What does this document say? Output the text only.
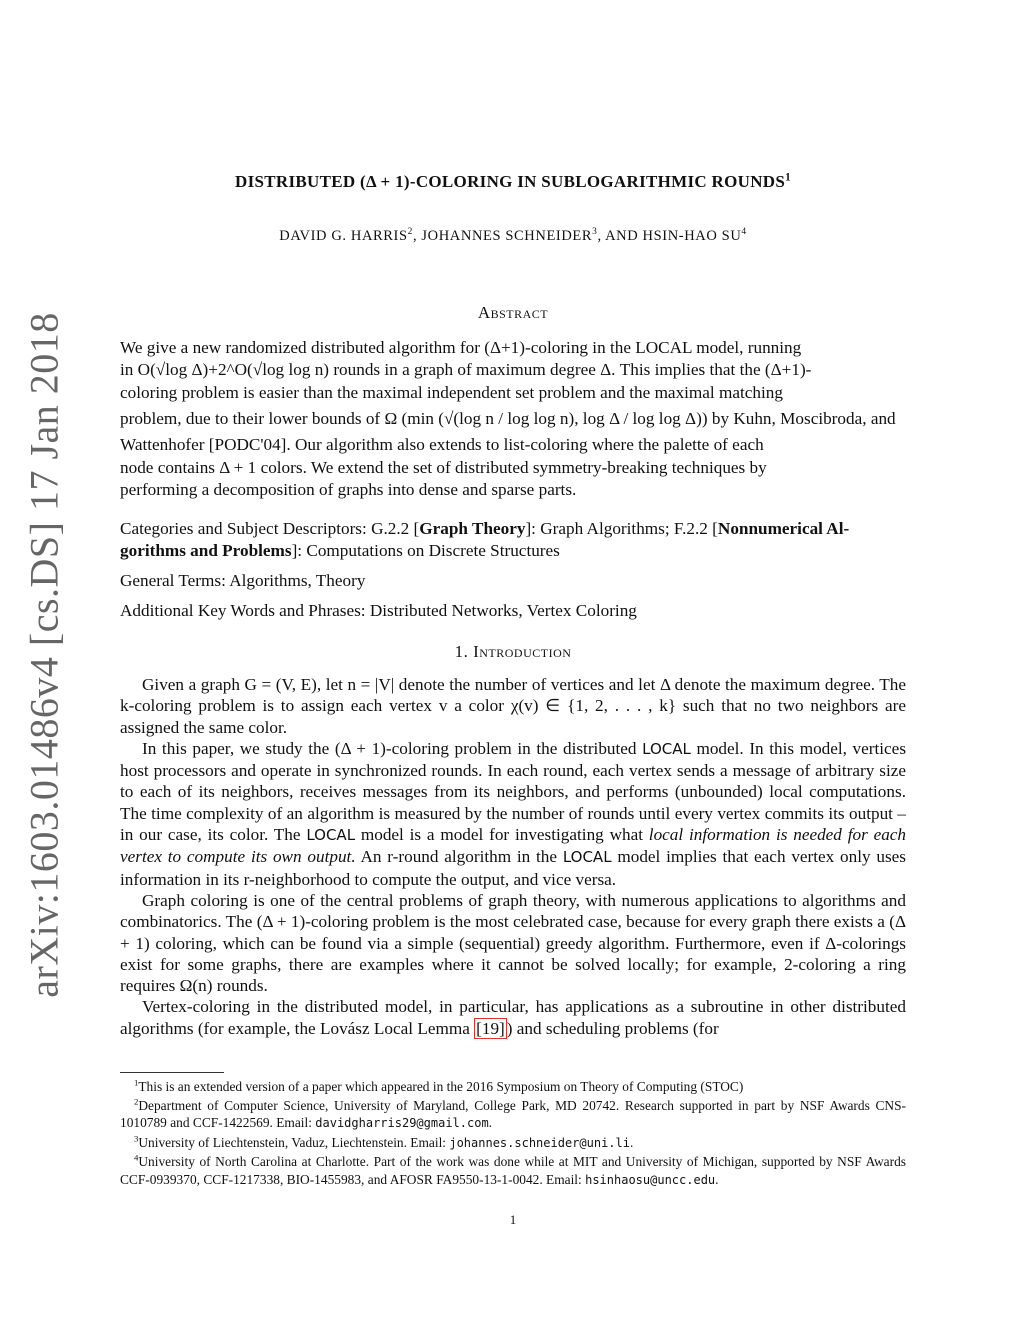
arXiv:1603.01486v4 [cs.DS] 17 Jan 2018
DISTRIBUTED (Δ + 1)-COLORING IN SUBLOGARITHMIC ROUNDS$^1$
DAVID G. HARRIS$^2$, JOHANNES SCHNEIDER$^3$, AND HSIN-HAO $SU^4$
Abstract

We give a new randomized distributed algorithm for (Δ+1)-coloring in the LOCAL model, running

in O(√log Δ)+2^O(√log log n) rounds in a graph of maximum degree Δ. This implies that the (Δ+1)-

coloring problem is easier than the maximal independent set problem and the maximal matching

problem, due to their lower bounds of Ω (min (√(log n / log log n), log Δ / log log Δ)) by Kuhn, Moscibroda, and

Wattenhofer [PODC'04]. Our algorithm also extends to list-coloring where the palette of each

node contains Δ + 1 colors. We extend the set of distributed symmetry-breaking techniques by

performing a decomposition of graphs into dense and sparse parts.

Categories and Subject Descriptors: G.2.2 [Graph Theory]: Graph Algorithms; F.2.2 [Nonnumerical Al- gorithms and Problems]: Computations on Discrete Structures

General Terms: Algorithms, Theory
Additional Key Words and Phrases: Distributed Networks, Vertex Coloring
1. Introduction

Given a graph G = (V, E), let n = |V| denote the number of vertices and let Δ denote the maximum degree. The k-coloring problem is to assign each vertex v a color χ(v) ∈ {1, 2, . . . , k} such that no two neighbors are assigned the same color.

In this paper, we study the (Δ + 1)-coloring problem in the distributed LOCAL model. In this model, vertices host processors and operate in synchronized rounds. In each round, each vertex sends a message of arbitrary size to each of its neighbors, receives messages from its neighbors, and performs (unbounded) local computations. The time complexity of an algorithm is measured by the number of rounds until every vertex commits its output – in our case, its color. The LOCAL model is a model for investigating what local information is needed for each vertex to compute its own output. An r-round algorithm in the LOCAL model implies that each vertex only uses information in its r-neighborhood to compute the output, and vice versa.

Graph coloring is one of the central problems of graph theory, with numerous applications to algorithms and combinatorics. The (Δ + 1)-coloring problem is the most celebrated case, because for every graph there exists a (Δ + 1) coloring, which can be found via a simple (sequential) greedy algorithm. Furthermore, even if Δ-colorings exist for some graphs, there are examples where it cannot be solved locally; for example, 2-coloring a ring requires Ω(n) rounds.

Vertex-coloring in the distributed model, in particular, has applications as a subroutine in other distributed algorithms (for example, the Lovász Local Lemma [19] ) and scheduling problems (for

$^1$This is an extended version of a paper which appeared in the 2016 Symposium on Theory of Computing (STOC)

$^2$Department of Computer Science, University of Maryland, College Park, MD 20742. Research supported in part by NSF Awards CNS-1010789 and CCF-1422569. Email: davidgharris29@gmail.com.

$^3$University of Liechtenstein, Vaduz, Liechtenstein. Email: johannes.schneider@uni.li.

$^4$University of North Carolina at Charlotte. Part of the work was done while at MIT and University of Michigan, supported by NSF Awards CCF-0939370, CCF-1217338, BIO-1455983, and AFOSR FA9550-13-1-0042. Email: hsinhaosu@uncc.edu.

1
